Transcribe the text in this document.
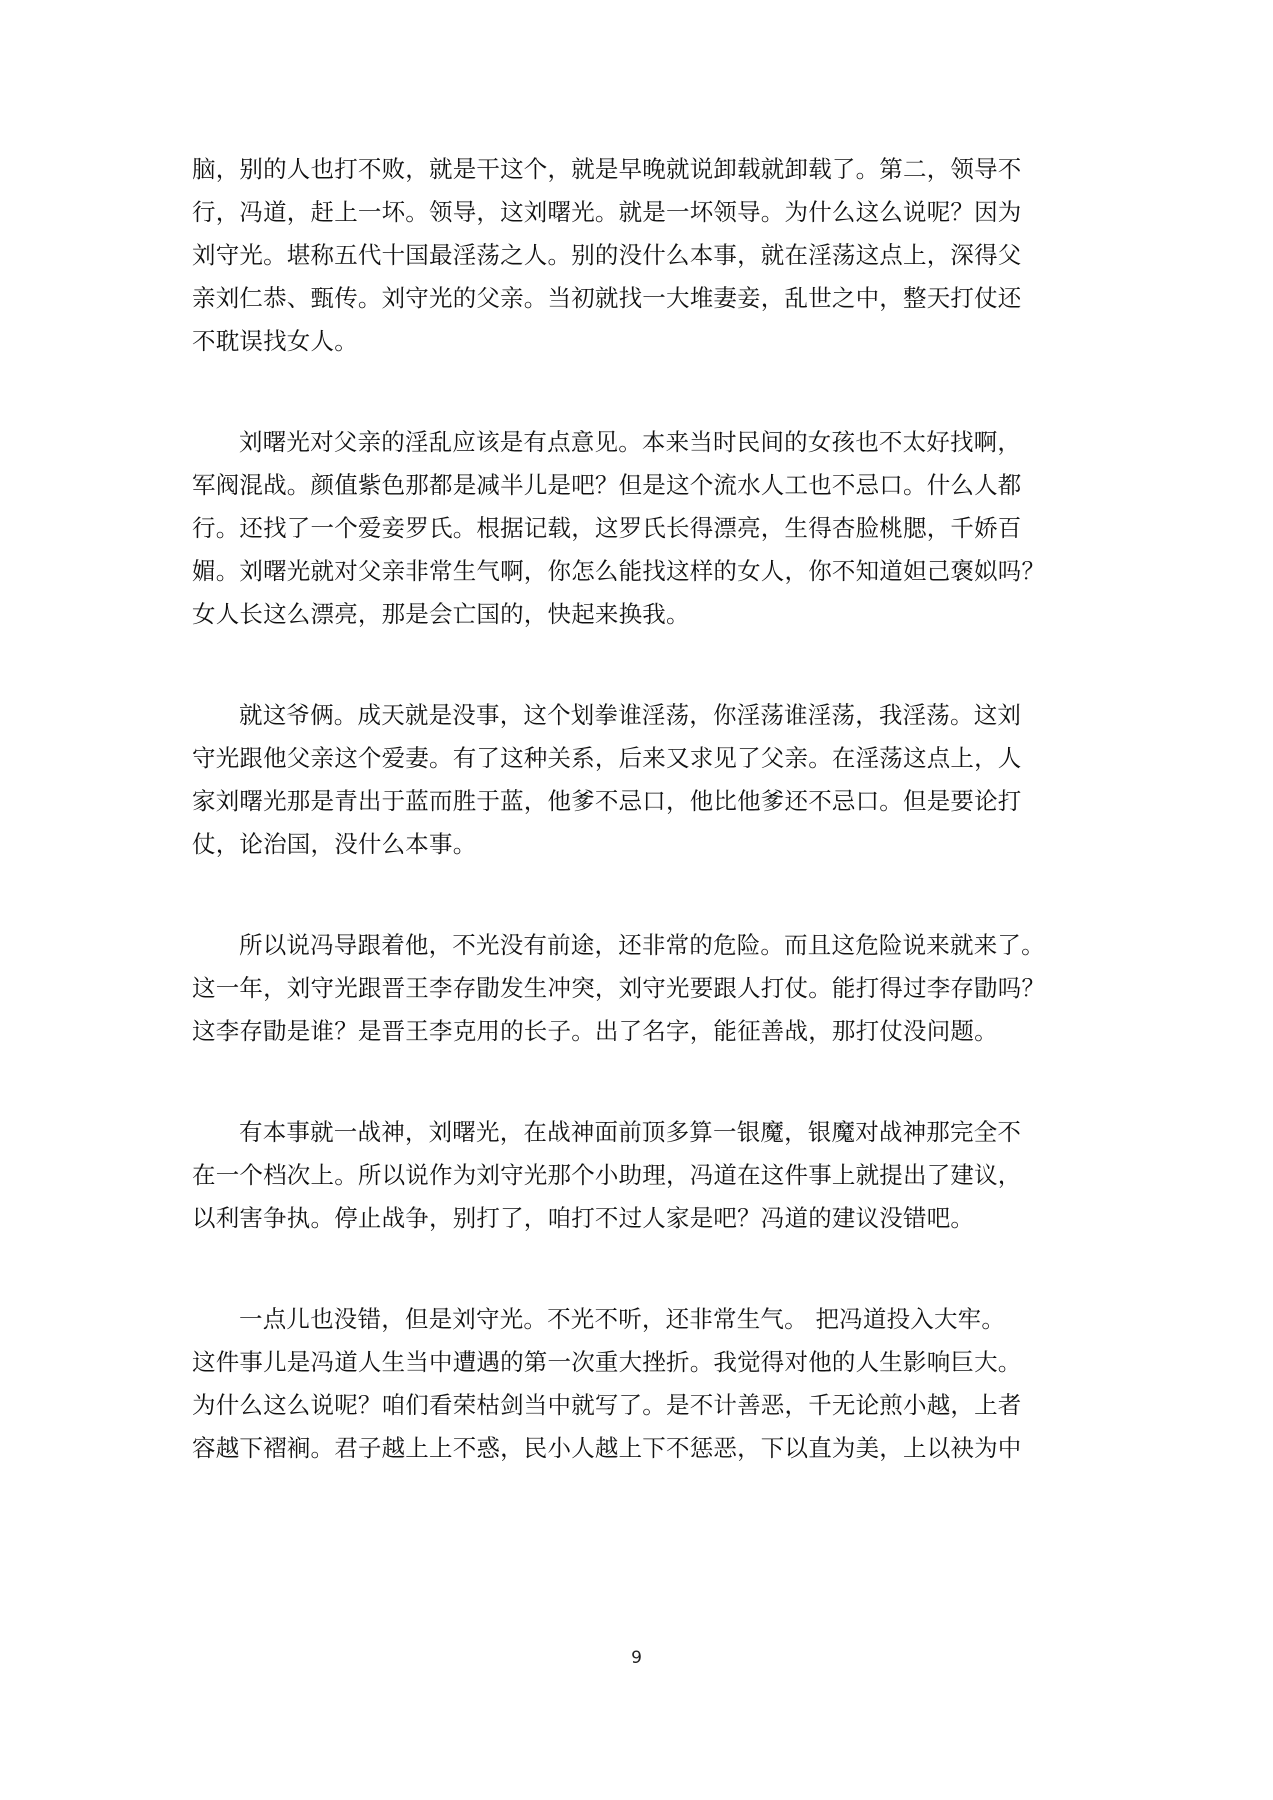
脑，别的人也打不败，就是干这个，就是早晚就说卸载就卸载了。第二，领导不
行，冯道，赶上一坏。领导，这刘曙光。就是一坏领导。为什么这么说呢？因为
刘守光。堪称五代十国最淫荡之人。别的没什么本事，就在淫荡这点上，深得父
亲刘仁恭、甄传。刘守光的父亲。当初就找一大堆妻妾，乱世之中，整天打仗还
不耽误找女人。

刘曙光对父亲的淫乱应该是有点意见。本来当时民间的女孩也不太好找啊，
军阀混战。颜值紫色那都是减半儿是吧？但是这个流水人工也不忌口。什么人都
行。还找了一个爱妾罗氏。根据记载，这罗氏长得漂亮，生得杏脸桃腮，千娇百
媚。刘曙光就对父亲非常生气啊，你怎么能找这样的女人，你不知道妲己褒姒吗？
女人长这么漂亮，那是会亡国的，快起来换我。

就这爷俩。成天就是没事，这个划拳谁淫荡，你淫荡谁淫荡，我淫荡。这刘
守光跟他父亲这个爱妻。有了这种关系，后来又求见了父亲。在淫荡这点上，人
家刘曙光那是青出于蓝而胜于蓝，他爹不忌口，他比他爹还不忌口。但是要论打
仗，论治国，没什么本事。

所以说冯导跟着他，不光没有前途，还非常的危险。而且这危险说来就来了。
这一年，刘守光跟晋王李存勖发生冲突，刘守光要跟人打仗。能打得过李存勖吗？
这李存勖是谁？是晋王李克用的长子。出了名字，能征善战，那打仗没问题。

有本事就一战神，刘曙光，在战神面前顶多算一银魔，银魔对战神那完全不
在一个档次上。所以说作为刘守光那个小助理，冯道在这件事上就提出了建议，
以利害争执。停止战争，别打了，咱打不过人家是吧？冯道的建议没错吧。

一点儿也没错，但是刘守光。不光不听，还非常生气。 把冯道投入大牢。
这件事儿是冯道人生当中遭遇的第一次重大挫折。我觉得对他的人生影响巨大。
为什么这么说呢？咱们看荣枯剑当中就写了。是不计善恶，千无论煎小越，上者
容越下褶裥。君子越上上不惑，民小人越上下不惩恶，下以直为美，上以袂为中

9
